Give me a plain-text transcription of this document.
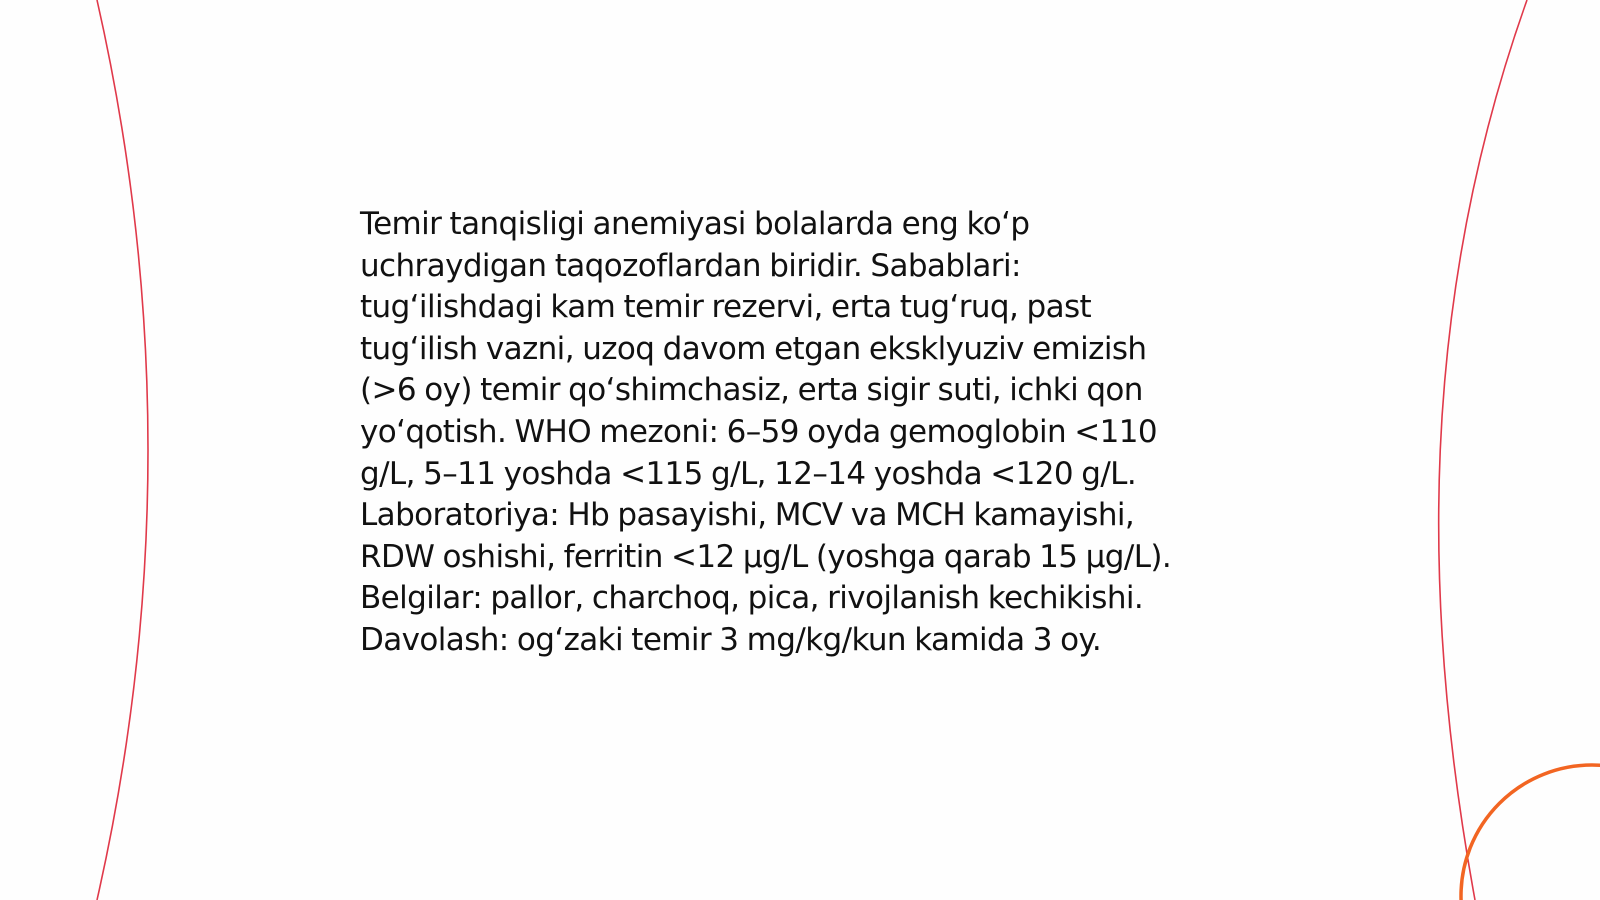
Temir tanqisligi anemiyasi bolalarda eng koʻp
uchraydigan taqozoflardan biridir. Sabablari:
tugʻilishdagi kam temir rezervi, erta tugʻruq, past
tugʻilish vazni, uzoq davom etgan eksklyuziv emizish
(>6 oy) temir qoʻshimchasiz, erta sigir suti, ichki qon
yoʻqotish. WHO mezoni: 6–59 oyda gemoglobin <110
g/L, 5–11 yoshda <115 g/L, 12–14 yoshda <120 g/L.
Laboratoriya: Hb pasayishi, MCV va MCH kamayishi,
RDW oshishi, ferritin <12 μg/L (yoshga qarab 15 μg/L).
Belgilar: pallor, charchoq, pica, rivojlanish kechikishi.
Davolash: ogʻzaki temir 3 mg/kg/kun kamida 3 oy.
